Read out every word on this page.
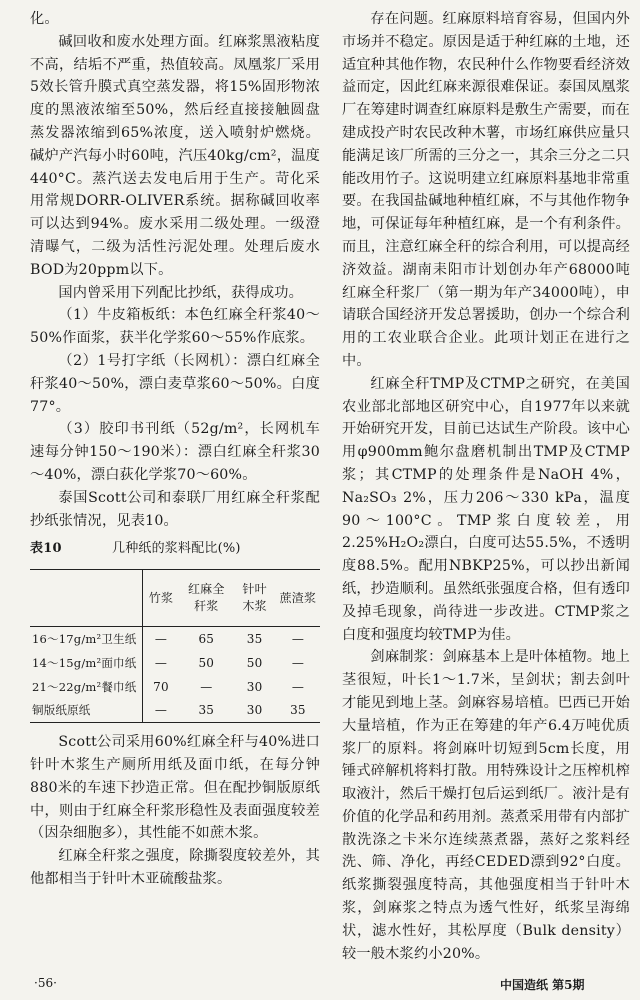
化。

碱回收和废水处理方面。红麻浆黑液粘度不高，结垢不严重，热值较高。凤凰浆厂采用5效长管升膜式真空蒸发器，将15%固形物浓度的黑液浓缩至50%，然后经直接接触圆盘蒸发器浓缩到65%浓度，送入喷射炉燃烧。碱炉产汽每小时60吨，汽压40kg/cm²，温度440°C。蒸汽送去发电后用于生产。苛化采用常规DORR-OLIVER系统。据称碱回收率可以达到94%。废水采用二级处理。一级澄清曝气，二级为活性污泥处理。处理后废水BOD为20ppm以下。

国内曾采用下列配比抄纸，获得成功。

（1）牛皮箱板纸：本色红麻全秆浆40～50%作面浆，获半化学浆60～55%作底浆。

（2）1号打字纸（长网机）：漂白红麻全秆浆40～50%，漂白麦草浆60～50%。白度77°。

（3）胶印书刊纸（52g/m²，长网机车速每分钟150～190米）：漂白红麻全秆浆30～40%，漂白荻化学浆70～60%。

泰国Scott公司和泰联厂用红麻全秆浆配抄纸张情况，见表10。

表10	几种纸的浆料配比(%)
	竹浆	红麻全秆浆	针叶木浆	蔗渣浆
16～17g/m²卫生纸	—	65	35	—
14～15g/m²面巾纸	—	50	50	—
21～22g/m²餐巾纸	70	—	30	—
铜版纸原纸	—	35	30	35

Scott公司采用60%红麻全秆与40%进口针叶木浆生产厕所用纸及面巾纸，在每分钟880米的车速下抄造正常。但在配抄铜版原纸中，则由于红麻全秆浆形稳性及表面强度较差（因杂细胞多），其性能不如蔗木浆。

红麻全秆浆之强度，除撕裂度较差外，其他都相当于针叶木亚硫酸盐浆。

存在问题。红麻原料培育容易，但国内外市场并不稳定。原因是适于种红麻的土地，还适宜种其他作物，农民种什么作物要看经济效益而定，因此红麻来源很难保证。泰国凤凰浆厂在筹建时调查红麻原料是敷生产需要，而在建成投产时农民改种木薯，市场红麻供应量只能满足该厂所需的三分之一，其余三分之二只能改用竹子。这说明建立红麻原料基地非常重要。在我国盐碱地种植红麻，不与其他作物争地，可保证每年种植红麻，是一个有利条件。而且，注意红麻全秆的综合利用，可以提高经济效益。湖南耒阳市计划创办年产68000吨红麻全秆浆厂（第一期为年产34000吨），申请联合国经济开发总署援助，创办一个综合利用的工农业联合企业。此项计划正在进行之中。

红麻全秆TMP及CTMP之研究，在美国农业部北部地区研究中心，自1977年以来就开始研究开发，目前已达试生产阶段。该中心用φ900mm鲍尔盘磨机制出TMP及CTMP浆；其CTMP的处理条件是NaOH 4%，Na₂SO₃ 2%，压力206～330 kPa，温度90～100°C。TMP浆白度较差，用2.25%H₂O₂漂白，白度可达55.5%，不透明度88.5%。配用NBKP25%，可以抄出新闻纸，抄造顺利。虽然纸张强度合格，但有透印及掉毛现象，尚待进一步改进。CTMP浆之白度和强度均较TMP为佳。

剑麻制浆：剑麻基本上是叶体植物。地上茎很短，叶长1～1.7米，呈剑状；割去剑叶才能见到地上茎。剑麻容易培植。巴西已开始大量培植，作为正在筹建的年产6.4万吨优质浆厂的原料。将剑麻叶切短到5cm长度，用锤式碎解机将料打散。用特殊设计之压榨机榨取液汁，然后干燥打包后运到纸厂。液汁是有价值的化学品和药用剂。蒸煮采用带有内部扩散洗涤之卡米尔连续蒸煮器，蒸好之浆料经洗、筛、净化，再经CEDED漂到92°白度。纸浆撕裂强度特高，其他强度相当于针叶木浆，剑麻浆之特点为透气性好，纸浆呈海绵状，滤水性好，其松厚度（Bulk density）较一般木浆约小20%。

·56·	中国造纸 第5期
